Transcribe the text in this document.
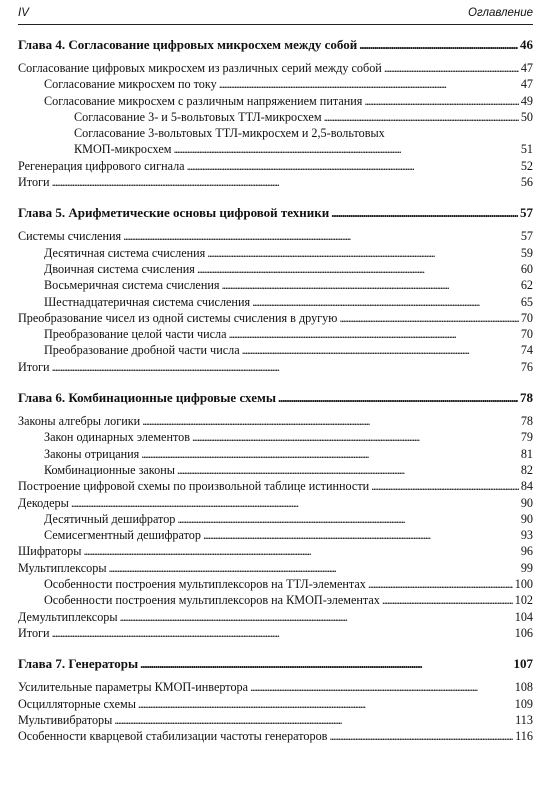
IV	Оглавление
Глава 4. Согласование цифровых микросхем между собой . . .	46
Согласование цифровых микросхем из различных серий между собой . . .	47
Согласование микросхем по току . . .	47
Согласование микросхем с различным напряжением питания . . .	49
Согласование 3- и 5-вольтовых ТТЛ-микросхем . . .	50
Согласование 3-вольтовых ТТЛ-микросхем и 2,5-вольтовых
КМОП-микросхем . . .	51
Регенерация цифрового сигнала . . .	52
Итоги . . .	56
Глава 5. Арифметические основы цифровой техники . . .	57
Системы счисления . . .	57
Десятичная система счисления . . .	59
Двоичная система счисления . . .	60
Восьмеричная система счисления . . .	62
Шестнадцатеричная система счисления . . .	65
Преобразование чисел из одной системы счисления в другую . . .	70
Преобразование целой части числа . . .	70
Преобразование дробной части числа . . .	74
Итоги . . .	76
Глава 6. Комбинационные цифровые схемы . . .	78
Законы алгебры логики . . .	78
Закон одинарных элементов . . .	79
Законы отрицания . . .	81
Комбинационные законы . . .	82
Построение цифровой схемы по произвольной таблице истинности . . .	84
Декодеры . . .	90
Десятичный дешифратор . . .	90
Семисегментный дешифратор . . .	93
Шифраторы . . .	96
Мультиплексоры . . .	99
Особенности построения мультиплексоров на ТТЛ-элементах . . .	100
Особенности построения мультиплексоров на КМОП-элементах . . .	102
Демультиплексоры . . .	104
Итоги . . .	106
Глава 7. Генераторы . . .	107
Усилительные параметры КМОП-инвертора . . .	108
Осцилляторные схемы . . .	109
Мультивибраторы . . .	113
Особенности кварцевой стабилизации частоты генераторов . . .	116
